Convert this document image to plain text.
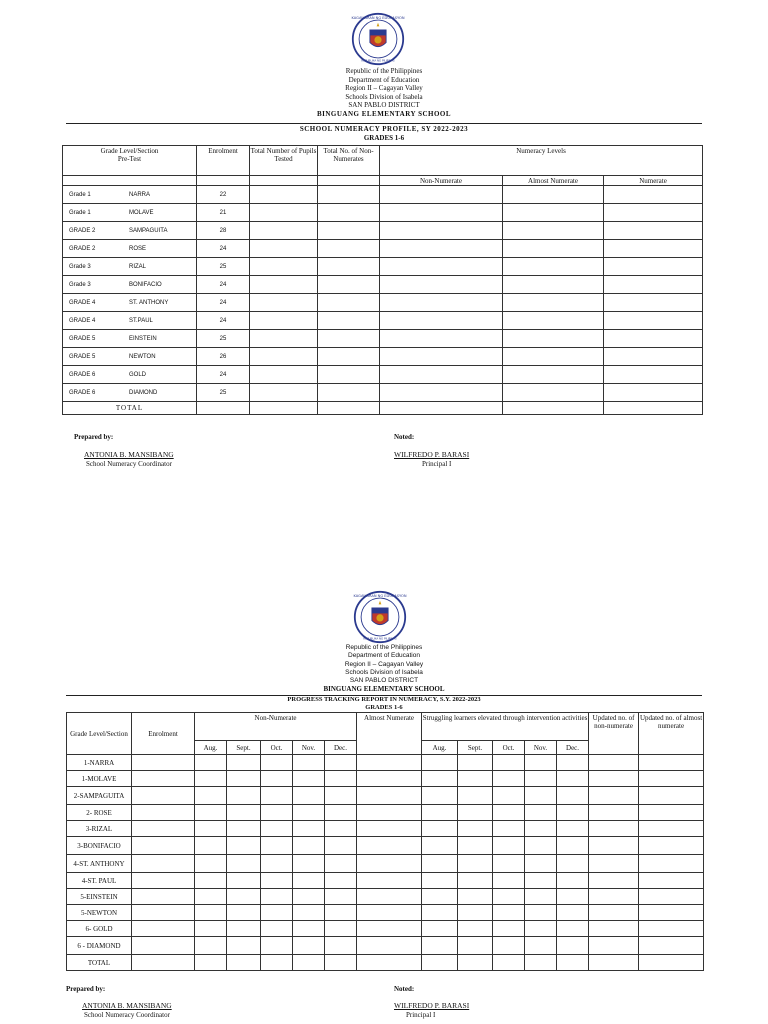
KAGAWARAN NG EDUKASYON
REPUBLIKA NG PILIPINAS
Republic of the Philippines
Department of Education
Region II – Cagayan Valley
Schools Division of Isabela
SAN PABLO DISTRICT
BINGUANG ELEMENTARY SCHOOL
SCHOOL NUMERACY PROFILE, SY 2022-2023
GRADES 1-6
Grade Level/Section
Pre-Test	Enrolment	Total Number of Pupils Tested	Total No. of Non-Numerates	Numeracy Levels		
				Non-Numerate	Almost Numerate	Numerate
Grade 1 NARRA	22					
Grade 1 MOLAVE	21					
GRADE 2 SAMPAGUITA	28					
GRADE 2 ROSE	24					
Grade 3 RIZAL	25					
Grade 3 BONIFACIO	24					
GRADE 4 ST. ANTHONY	24					
GRADE 4 ST.PAUL	24					
GRADE 5 EINSTEIN	25					
GRADE 5 NEWTON	26					
GRADE 6 GOLD	24					
GRADE 6 DIAMOND	25					
TOTAL						
Prepared by:	Noted:
ANTONIA B. MANSIBANG
School Numeracy Coordinator
WILFREDO P. BARASI
Principal I
KAGAWARAN NG EDUKASYON
REPUBLIKA NG PILIPINAS
Republic of the Philippines
Department of Education
Region II – Cagayan Valley
Schools Division of Isabela
SAN PABLO DISTRICT
BINGUANG ELEMENTARY SCHOOL
PROGRESS TRACKING REPORT IN NUMERACY, S.Y. 2022-2023
GRADES 1-6
Grade Level/Section	Enrolment	Non-Numerate					Almost Numerate	Struggling learners elevated through intervention activities					Updated no. of non-numerate	Updated no. of almost numerate
		Aug.	Sept.	Oct.	Nov.	Dec.		Aug.	Sept.	Oct.	Nov.	Dec.		
1-NARRA														
1-MOLAVE														
2-SAMPAGUITA														
2- ROSE														
3-RIZAL														
3-BONIFACIO														
4-ST. ANTHONY														
4-ST. PAUL														
5-EINSTEIN														
5-NEWTON														
6- GOLD														
6 - DIAMOND														
TOTAL														
Prepared by:	Noted:
ANTONIA B. MANSIBANG
School Numeracy Coordinator
WILFREDO P. BARASI
Principal I
